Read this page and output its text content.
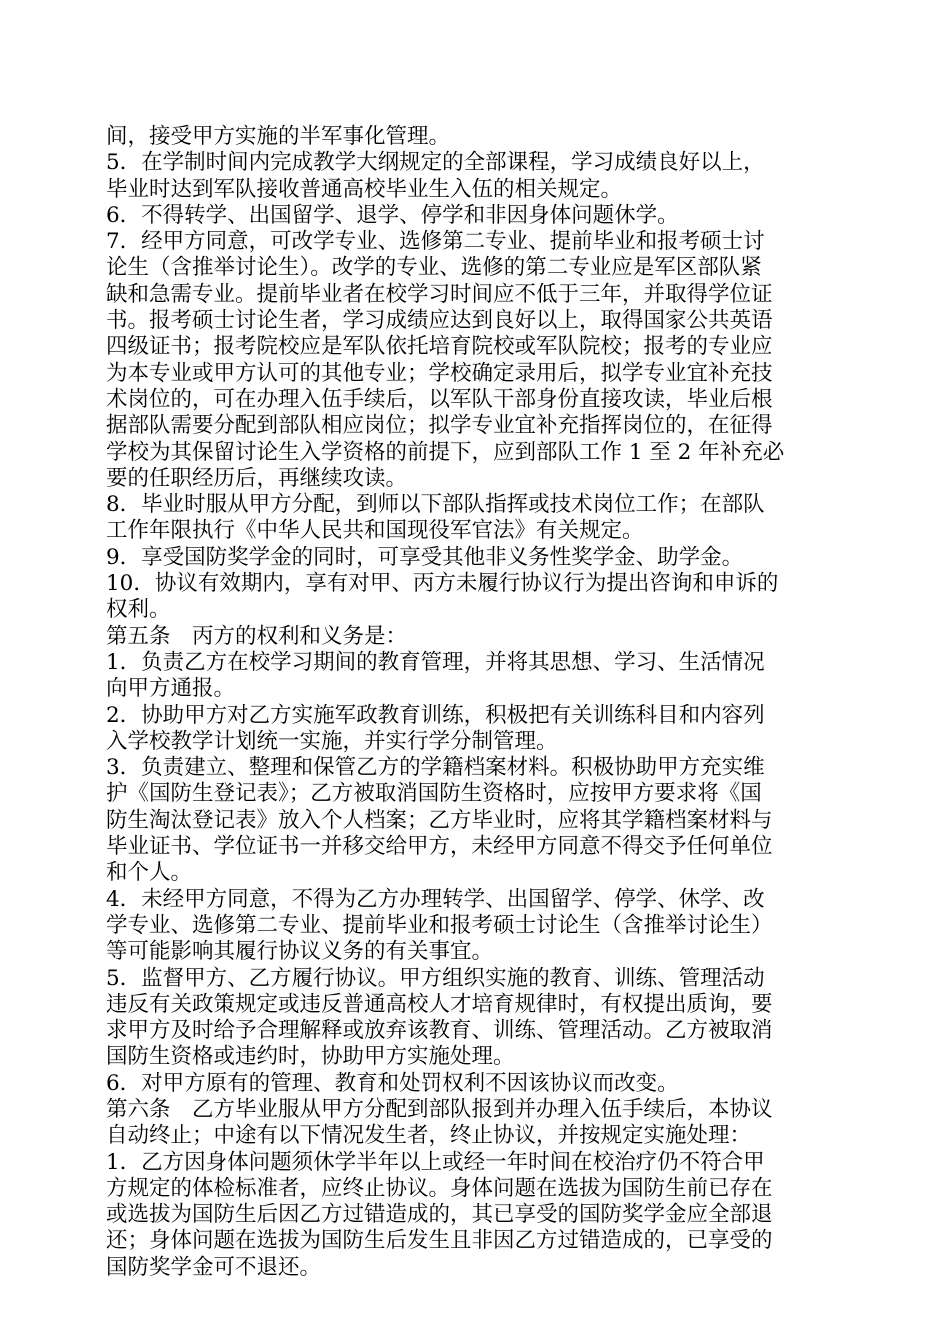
间，接受甲方实施的半军事化管理。
5．在学制时间内完成教学大纲规定的全部课程，学习成绩良好以上，
毕业时达到军队接收普通高校毕业生入伍的相关规定。
6．不得转学、出国留学、退学、停学和非因身体问题休学。
7．经甲方同意，可改学专业、选修第二专业、提前毕业和报考硕士讨
论生（含推举讨论生）。改学的专业、选修的第二专业应是军区部队紧
缺和急需专业。提前毕业者在校学习时间应不低于三年，并取得学位证
书。报考硕士讨论生者，学习成绩应达到良好以上，取得国家公共英语
四级证书；报考院校应是军队依托培育院校或军队院校；报考的专业应
为本专业或甲方认可的其他专业；学校确定录用后，拟学专业宜补充技
术岗位的，可在办理入伍手续后，以军队干部身份直接攻读，毕业后根
据部队需要分配到部队相应岗位；拟学专业宜补充指挥岗位的，在征得
学校为其保留讨论生入学资格的前提下，应到部队工作 1 至 2 年补充必
要的任职经历后，再继续攻读。
8．毕业时服从甲方分配，到师以下部队指挥或技术岗位工作；在部队
工作年限执行《中华人民共和国现役军官法》有关规定。
9．享受国防奖学金的同时，可享受其他非义务性奖学金、助学金。
10．协议有效期内，享有对甲、丙方未履行协议行为提出咨询和申诉的
权利。
第五条　丙方的权利和义务是：
1．负责乙方在校学习期间的教育管理，并将其思想、学习、生活情况
向甲方通报。
2．协助甲方对乙方实施军政教育训练，积极把有关训练科目和内容列
入学校教学计划统一实施，并实行学分制管理。
3．负责建立、整理和保管乙方的学籍档案材料。积极协助甲方充实维
护《国防生登记表》；乙方被取消国防生资格时，应按甲方要求将《国
防生淘汰登记表》放入个人档案；乙方毕业时，应将其学籍档案材料与
毕业证书、学位证书一并移交给甲方，未经甲方同意不得交予任何单位
和个人。
4．未经甲方同意，不得为乙方办理转学、出国留学、停学、休学、改
学专业、选修第二专业、提前毕业和报考硕士讨论生（含推举讨论生）
等可能影响其履行协议义务的有关事宜。
5．监督甲方、乙方履行协议。甲方组织实施的教育、训练、管理活动
违反有关政策规定或违反普通高校人才培育规律时，有权提出质询，要
求甲方及时给予合理解释或放弃该教育、训练、管理活动。乙方被取消
国防生资格或违约时，协助甲方实施处理。
6．对甲方原有的管理、教育和处罚权利不因该协议而改变。
第六条　乙方毕业服从甲方分配到部队报到并办理入伍手续后，本协议
自动终止；中途有以下情况发生者，终止协议，并按规定实施处理：
1．乙方因身体问题须休学半年以上或经一年时间在校治疗仍不符合甲
方规定的体检标准者，应终止协议。身体问题在选拔为国防生前已存在
或选拔为国防生后因乙方过错造成的，其已享受的国防奖学金应全部退
还；身体问题在选拔为国防生后发生且非因乙方过错造成的，已享受的
国防奖学金可不退还。
